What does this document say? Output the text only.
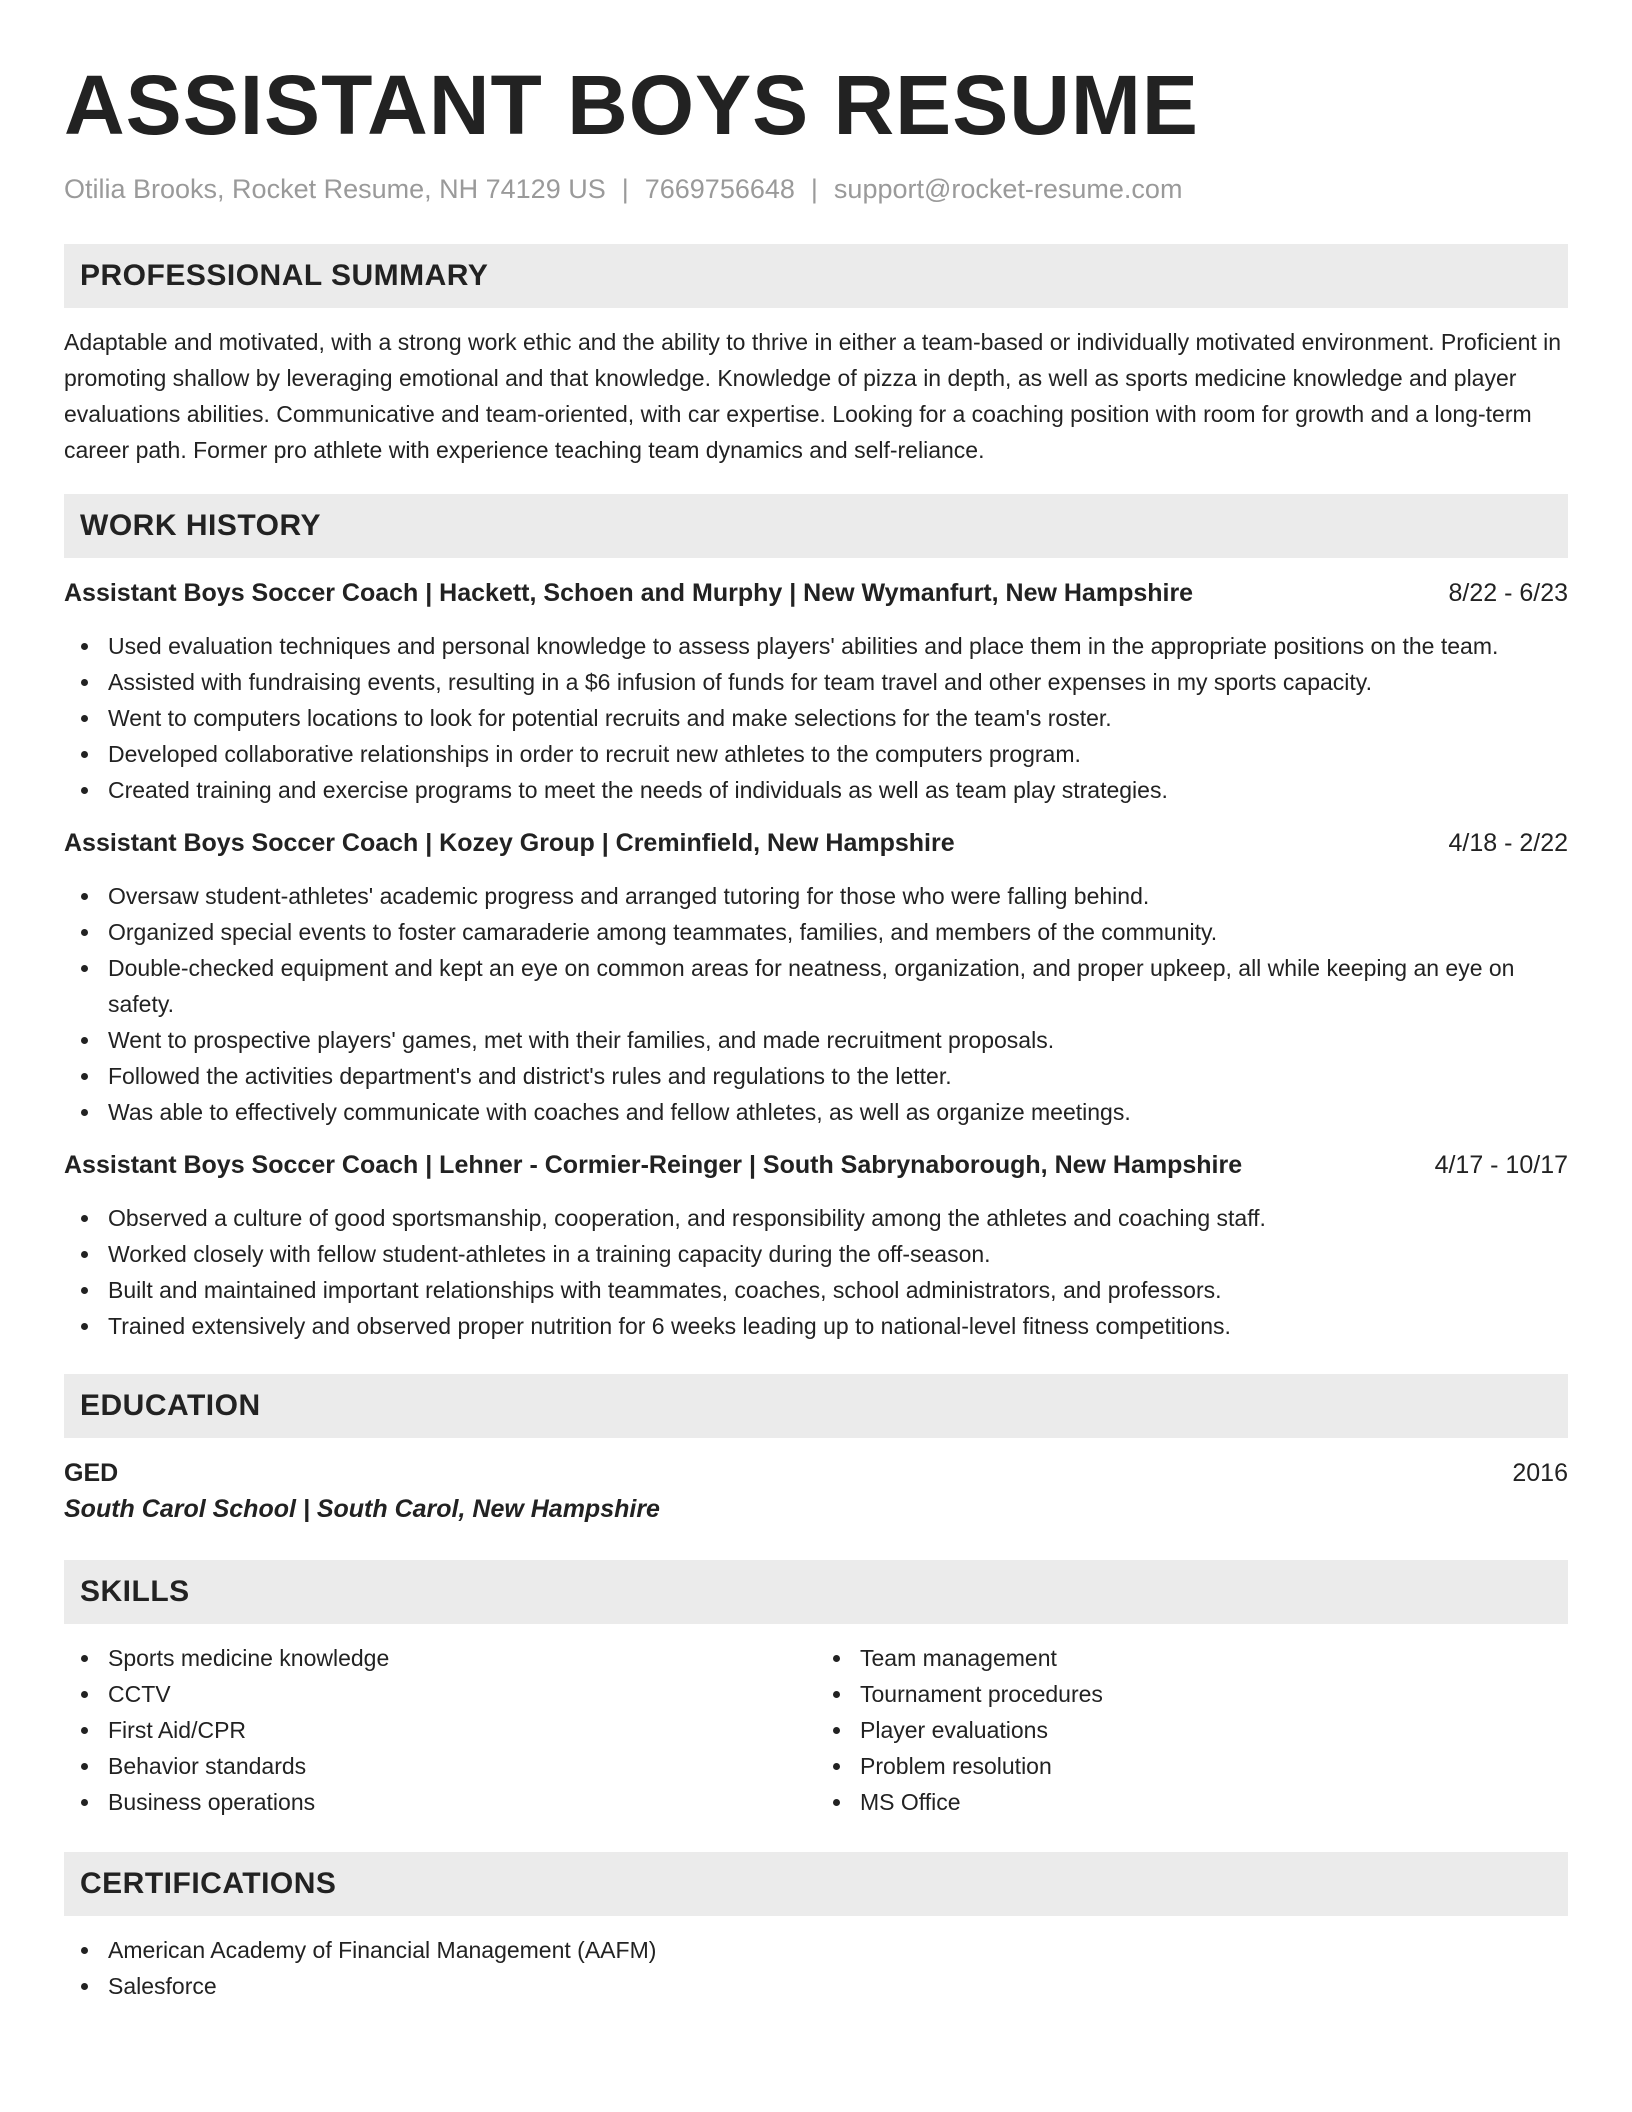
ASSISTANT BOYS RESUME
Otilia Brooks, Rocket Resume, NH 74129 US | 7669756648 | support@rocket-resume.com
PROFESSIONAL SUMMARY

Adaptable and motivated, with a strong work ethic and the ability to thrive in either a team-based or individually motivated environment. Proficient in promoting shallow by leveraging emotional and that knowledge. Knowledge of pizza in depth, as well as sports medicine knowledge and player evaluations abilities. Communicative and team-oriented, with car expertise. Looking for a coaching position with room for growth and a long-term career path. Former pro athlete with experience teaching team dynamics and self-reliance.

WORK HISTORY
Assistant Boys Soccer Coach | Hackett, Schoen and Murphy | New Wymanfurt, New Hampshire	8/22 - 6/23
Used evaluation techniques and personal knowledge to assess players' abilities and place them in the appropriate positions on the team.
Assisted with fundraising events, resulting in a $6 infusion of funds for team travel and other expenses in my sports capacity.
Went to computers locations to look for potential recruits and make selections for the team's roster.
Developed collaborative relationships in order to recruit new athletes to the computers program.
Created training and exercise programs to meet the needs of individuals as well as team play strategies.
Assistant Boys Soccer Coach | Kozey Group | Creminfield, New Hampshire	4/18 - 2/22
Oversaw student-athletes' academic progress and arranged tutoring for those who were falling behind.
Organized special events to foster camaraderie among teammates, families, and members of the community.
Double-checked equipment and kept an eye on common areas for neatness, organization, and proper upkeep, all while keeping an eye on safety.
Went to prospective players' games, met with their families, and made recruitment proposals.
Followed the activities department's and district's rules and regulations to the letter.
Was able to effectively communicate with coaches and fellow athletes, as well as organize meetings.
Assistant Boys Soccer Coach | Lehner - Cormier-Reinger | South Sabrynaborough, New Hampshire	4/17 - 10/17
Observed a culture of good sportsmanship, cooperation, and responsibility among the athletes and coaching staff.
Worked closely with fellow student-athletes in a training capacity during the off-season.
Built and maintained important relationships with teammates, coaches, school administrators, and professors.
Trained extensively and observed proper nutrition for 6 weeks leading up to national-level fitness competitions.
EDUCATION
GED	2016
South Carol School | South Carol, New Hampshire
SKILLS
Sports medicine knowledge
CCTV
First Aid/CPR
Behavior standards
Business operations
Team management
Tournament procedures
Player evaluations
Problem resolution
MS Office
CERTIFICATIONS
American Academy of Financial Management (AAFM)
Salesforce
